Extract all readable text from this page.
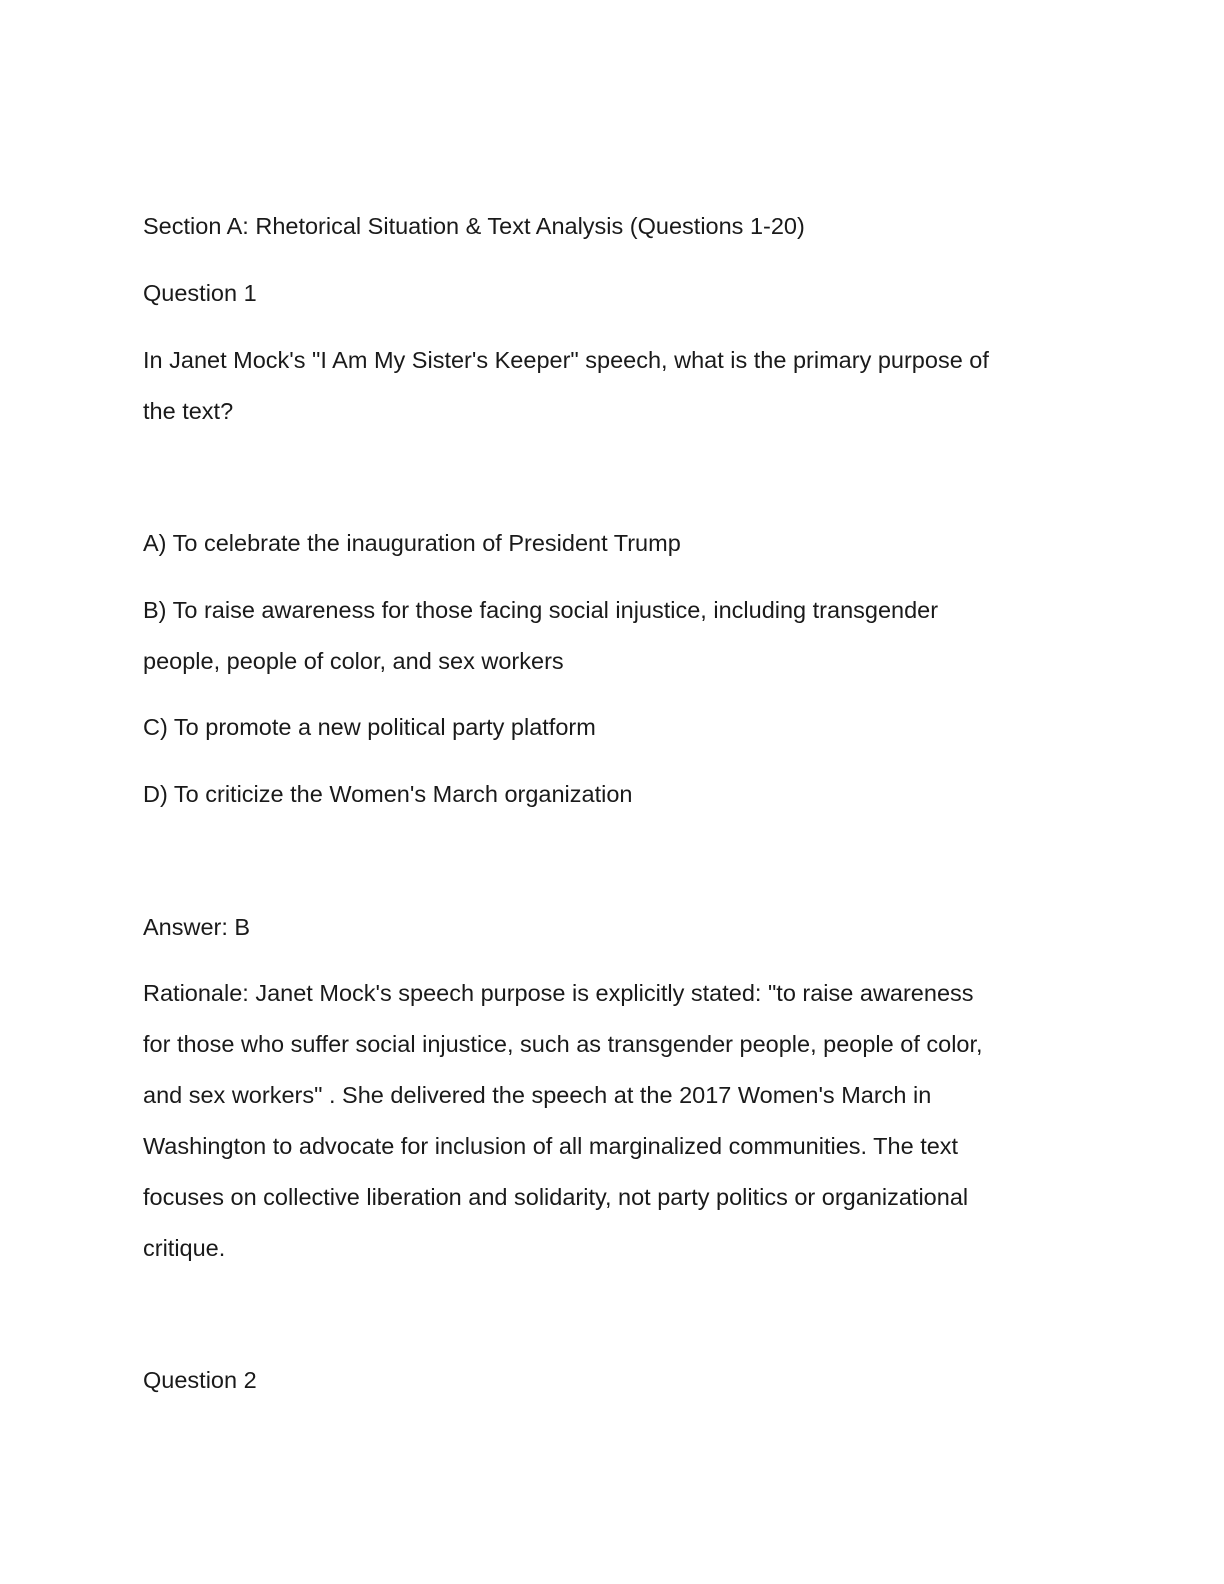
Section A: Rhetorical Situation & Text Analysis (Questions 1-20)

Question 1

In Janet Mock's "I Am My Sister's Keeper" speech, what is the primary purpose of

the text?

A) To celebrate the inauguration of President Trump

B) To raise awareness for those facing social injustice, including transgender

people, people of color, and sex workers

C) To promote a new political party platform

D) To criticize the Women's March organization

Answer: B

Rationale: Janet Mock's speech purpose is explicitly stated: "to raise awareness

for those who suffer social injustice, such as transgender people, people of color,

and sex workers" . She delivered the speech at the 2017 Women's March in

Washington to advocate for inclusion of all marginalized communities. The text

focuses on collective liberation and solidarity, not party politics or organizational

critique.

Question 2
